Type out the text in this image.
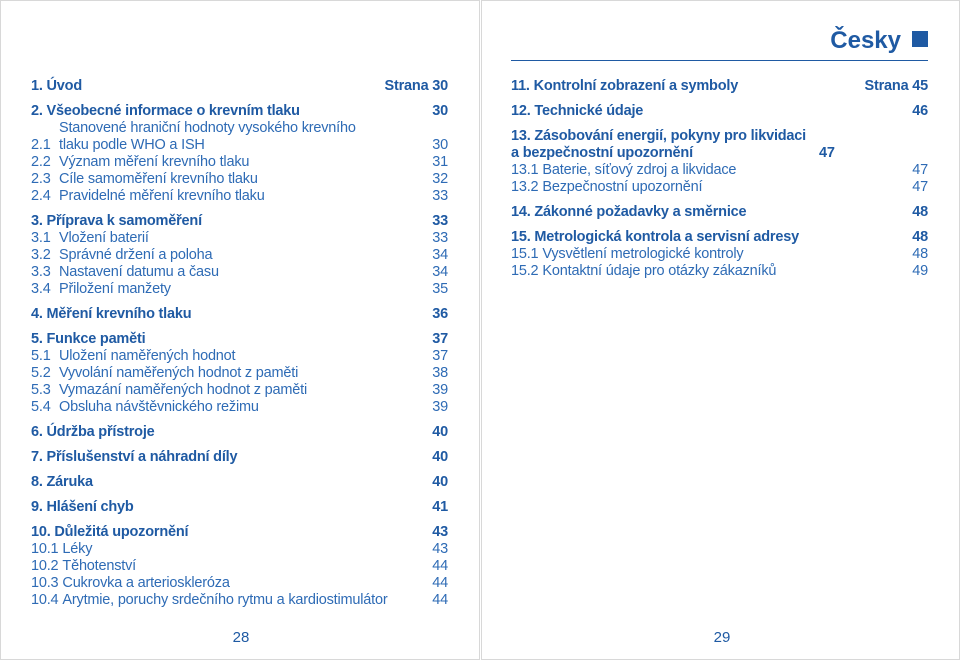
1. Úvod	Strana 30
2. Všeobecné informace o krevním tlaku	30
2.1Stanovené hraniční hodnoty vysokého krevního tlaku podle WHO a ISH	30
2.2 Význam měření krevního tlaku	31
2.3 Cíle samoměření krevního tlaku	32
2.4 Pravidelné měření krevního tlaku	33
3. Příprava k samoměření	33
3.1 Vložení baterií	33
3.2 Správné držení a poloha	34
3.3 Nastavení datumu a času	34
3.4 Přiložení manžety	35
4. Měření krevního tlaku	36
5. Funkce paměti	37
5.1 Uložení naměřených hodnot	37
5.2 Vyvolání naměřených hodnot z paměti	38
5.3 Vymazání naměřených hodnot z paměti	39
5.4 Obsluha návštěvnického režimu	39
6. Údržba přístroje	40
7. Příslušenství a náhradní díly	40
8. Záruka	40
9. Hlášení chyb	41
10. Důležitá upozornění	43
10.1 Léky	43
10.2 Těhotenství	44
10.3 Cukrovka a arterioskleróza	44
10.4 Arytmie, poruchy srdečního rytmu a kardiostimulátor	44
28
Česky
11. Kontrolní zobrazení a symboly	Strana 45
12. Technické údaje	46
13. Zásobování energií, pokyny pro likvidaci a bezpečnostní upozornění	47
13.1 Baterie, síťový zdroj a likvidace	47
13.2 Bezpečnostní upozornění	47
14. Zákonné požadavky a směrnice	48
15. Metrologická kontrola a servisní adresy	48
15.1 Vysvětlení metrologické kontroly	48
15.2 Kontaktní údaje pro otázky zákazníků	49
29
